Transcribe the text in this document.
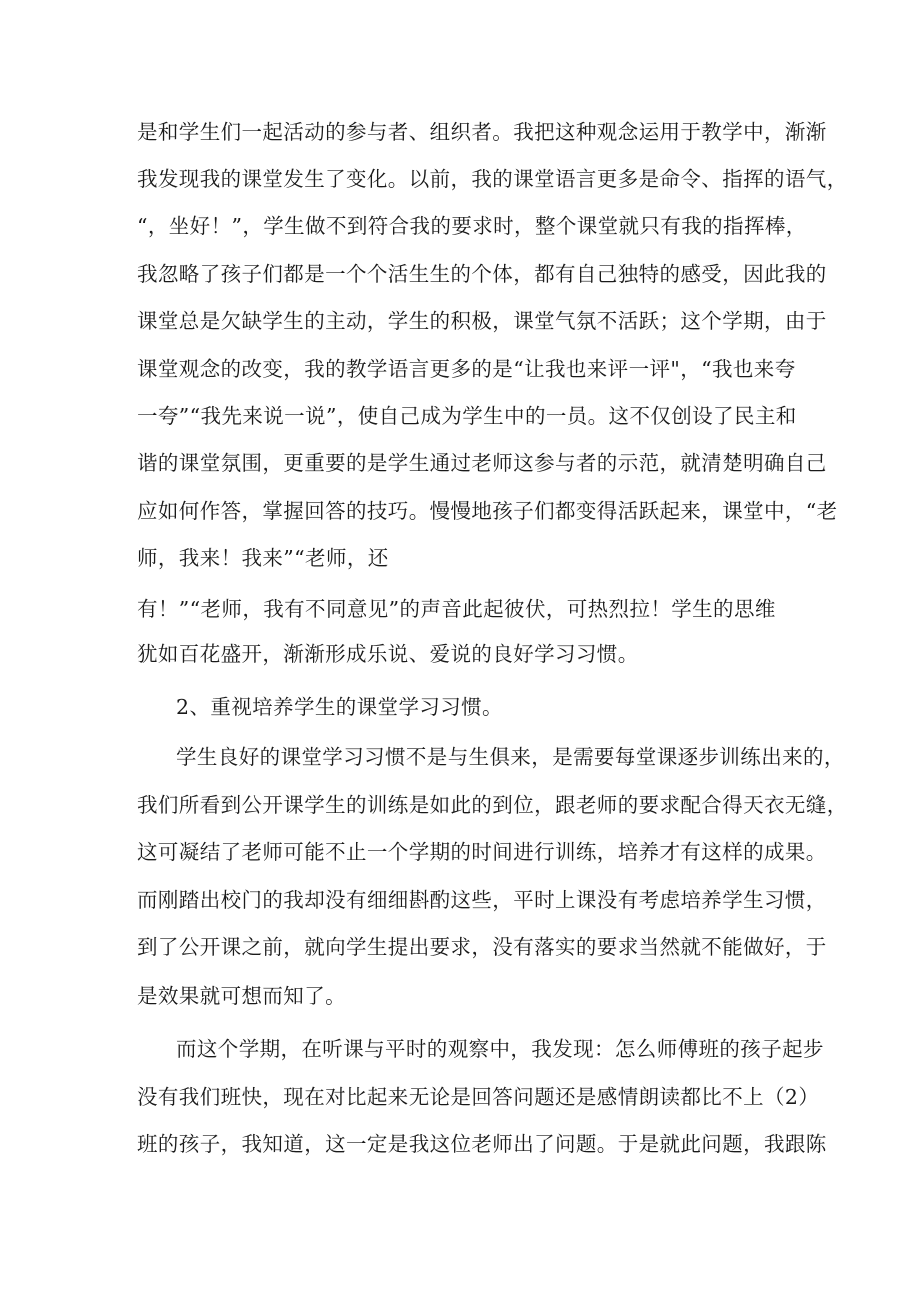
是和学生们一起活动的参与者、组织者。我把这种观念运用于教学中，渐渐
我发现我的课堂发生了变化。以前，我的课堂语言更多是命令、指挥的语气，
“，坐好！”，学生做不到符合我的要求时，整个课堂就只有我的指挥棒，
我忽略了孩子们都是一个个活生生的个体，都有自己独特的感受，因此我的
课堂总是欠缺学生的主动，学生的积极，课堂气氛不活跃；这个学期，由于
课堂观念的改变，我的教学语言更多的是“让我也来评一评"，“我也来夸
一夸”“我先来说一说”，使自己成为学生中的一员。这不仅创设了民主和
谐的课堂氛围，更重要的是学生通过老师这参与者的示范，就清楚明确自己
应如何作答，掌握回答的技巧。慢慢地孩子们都变得活跃起来，课堂中，“老
师，我来！我来”“老师，还
有！”“老师，我有不同意见”的声音此起彼伏，可热烈拉！学生的思维
犹如百花盛开，渐渐形成乐说、爱说的良好学习习惯。
2、重视培养学生的课堂学习习惯。
学生良好的课堂学习习惯不是与生俱来，是需要每堂课逐步训练出来的，
我们所看到公开课学生的训练是如此的到位，跟老师的要求配合得天衣无缝，
这可凝结了老师可能不止一个学期的时间进行训练，培养才有这样的成果。
而刚踏出校门的我却没有细细斟酌这些，平时上课没有考虑培养学生习惯，
到了公开课之前，就向学生提出要求，没有落实的要求当然就不能做好，于
是效果就可想而知了。
而这个学期，在听课与平时的观察中，我发现：怎么师傅班的孩子起步
没有我们班快，现在对比起来无论是回答问题还是感情朗读都比不上（2）
班的孩子，我知道，这一定是我这位老师出了问题。于是就此问题，我跟陈
